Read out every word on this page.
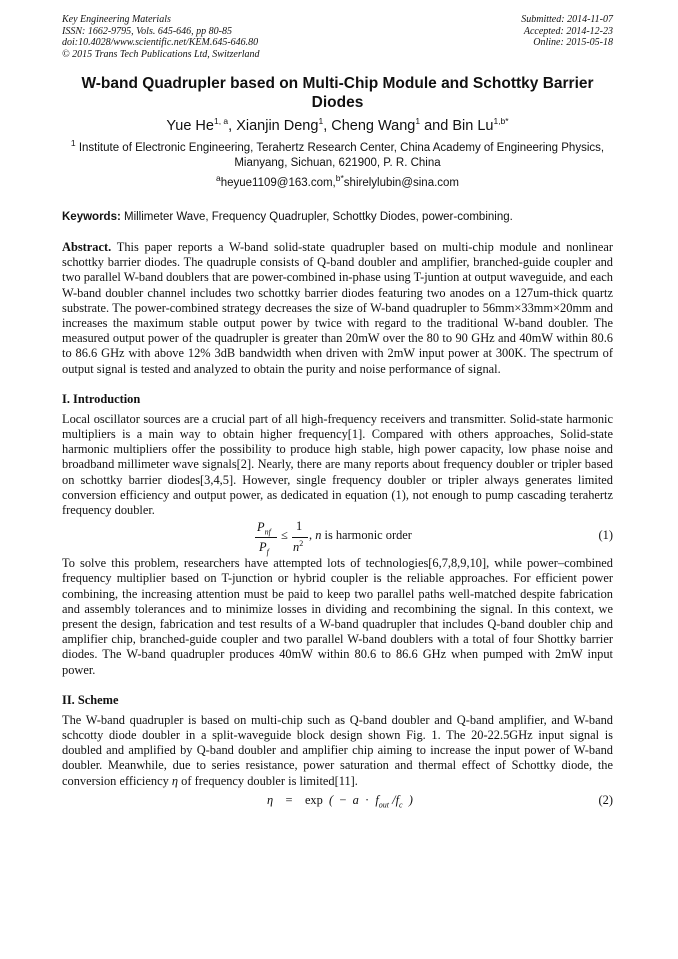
Key Engineering Materials
ISSN: 1662-9795, Vols. 645-646, pp 80-85
doi:10.4028/www.scientific.net/KEM.645-646.80
© 2015 Trans Tech Publications Ltd, Switzerland
Submitted: 2014-11-07
Accepted: 2014-12-23
Online: 2015-05-18
W-band Quadrupler based on Multi-Chip Module and Schottky Barrier Diodes
Yue He$^{1, a}$, Xianjin Deng$^1$, Cheng Wang$^1$ and Bin $Lu^{1,b*}$
$^1$ Institute of Electronic Engineering, Terahertz Research Center, China Academy of Engineering Physics, Mianyang, Sichuan, 621900, P. R. China
$^a$heyue1109@163.com,$^{b*}$shirelylubin@sina.com
Keywords: Millimeter Wave, Frequency Quadrupler, Schottky Diodes, power-combining.
Abstract. This paper reports a W-band solid-state quadrupler based on multi-chip module and nonlinear schottky barrier diodes. The quadruple consists of Q-band doubler and amplifier, branched-guide coupler and two parallel W-band doublers that are power-combined in-phase using T-juntion at output waveguide, and each W-band doubler channel includes two schottky barrier diodes featuring two anodes on a 127um-thick quartz substrate. The power-combined strategy decreases the size of W-band quadrupler to 56mm×33mm×20mm and increases the maximum stable output power by twice with regard to the traditional W-band doubler. The measured output power of the quadrupler is greater than 20mW over the 80 to 90 GHz and 40mW within 80.6 to 86.6 GHz with above 12% 3dB bandwidth when driven with 2mW input power at 300K. The spectrum of output signal is tested and analyzed to obtain the purity and noise performance of signal.
I. Introduction
Local oscillator sources are a crucial part of all high-frequency receivers and transmitter. Solid-state harmonic multipliers is a main way to obtain higher frequency[1]. Compared with others approaches, Solid-state harmonic multipliers offer the possibility to produce high stable, high power capacity, low phase noise and broadband millimeter wave signals[2]. Nearly, there are many reports about frequency doubler or tripler based on schottky barrier diodes[3,4,5]. However, single frequency doubler or tripler always generates limited conversion efficiency and output power, as dedicated in equation (1), not enough to pump cascading terahertz frequency doubler.
$P_{nf}$
$P_f$
≤
1
$n^2$
, n is harmonic order	(1)
To solve this problem, researchers have attempted lots of technologies[6,7,8,9,10], while power–combined frequency multiplier based on T-junction or hybrid coupler is the reliable approaches. For efficient power combining, the increasing attention must be paid to keep two parallel paths well-matched despite fabrication and assembly tolerances and to minimize losses in dividing and recombining the signal. In this context, we present the design, fabrication and test results of a W-band quadrupler that includes Q-band doubler chip and amplifier chip, branched-guide coupler and two parallel W-band doublers with a total of four Shottky barrier diodes. The W-band quadrupler produces 40mW within 80.6 to 86.6 GHz when pumped with 2mW input power.
II. Scheme
The W-band quadrupler is based on multi-chip such as Q-band doubler and Q-band amplifier, and W-band schcotty diode doubler in a split-waveguide block design shown Fig. 1. The 20-22.5GHz input signal is doubled and amplified by Q-band doubler and amplifier chip aiming to increase the input power of W-band doubler. Meanwhile, due to series resistance, power saturation and thermal effect of Schottky diode, the conversion efficiency η of frequency doubler is limited[11].
η = exp ( − $a \cdot f_{out}$ $/f_c$ )	(2)
